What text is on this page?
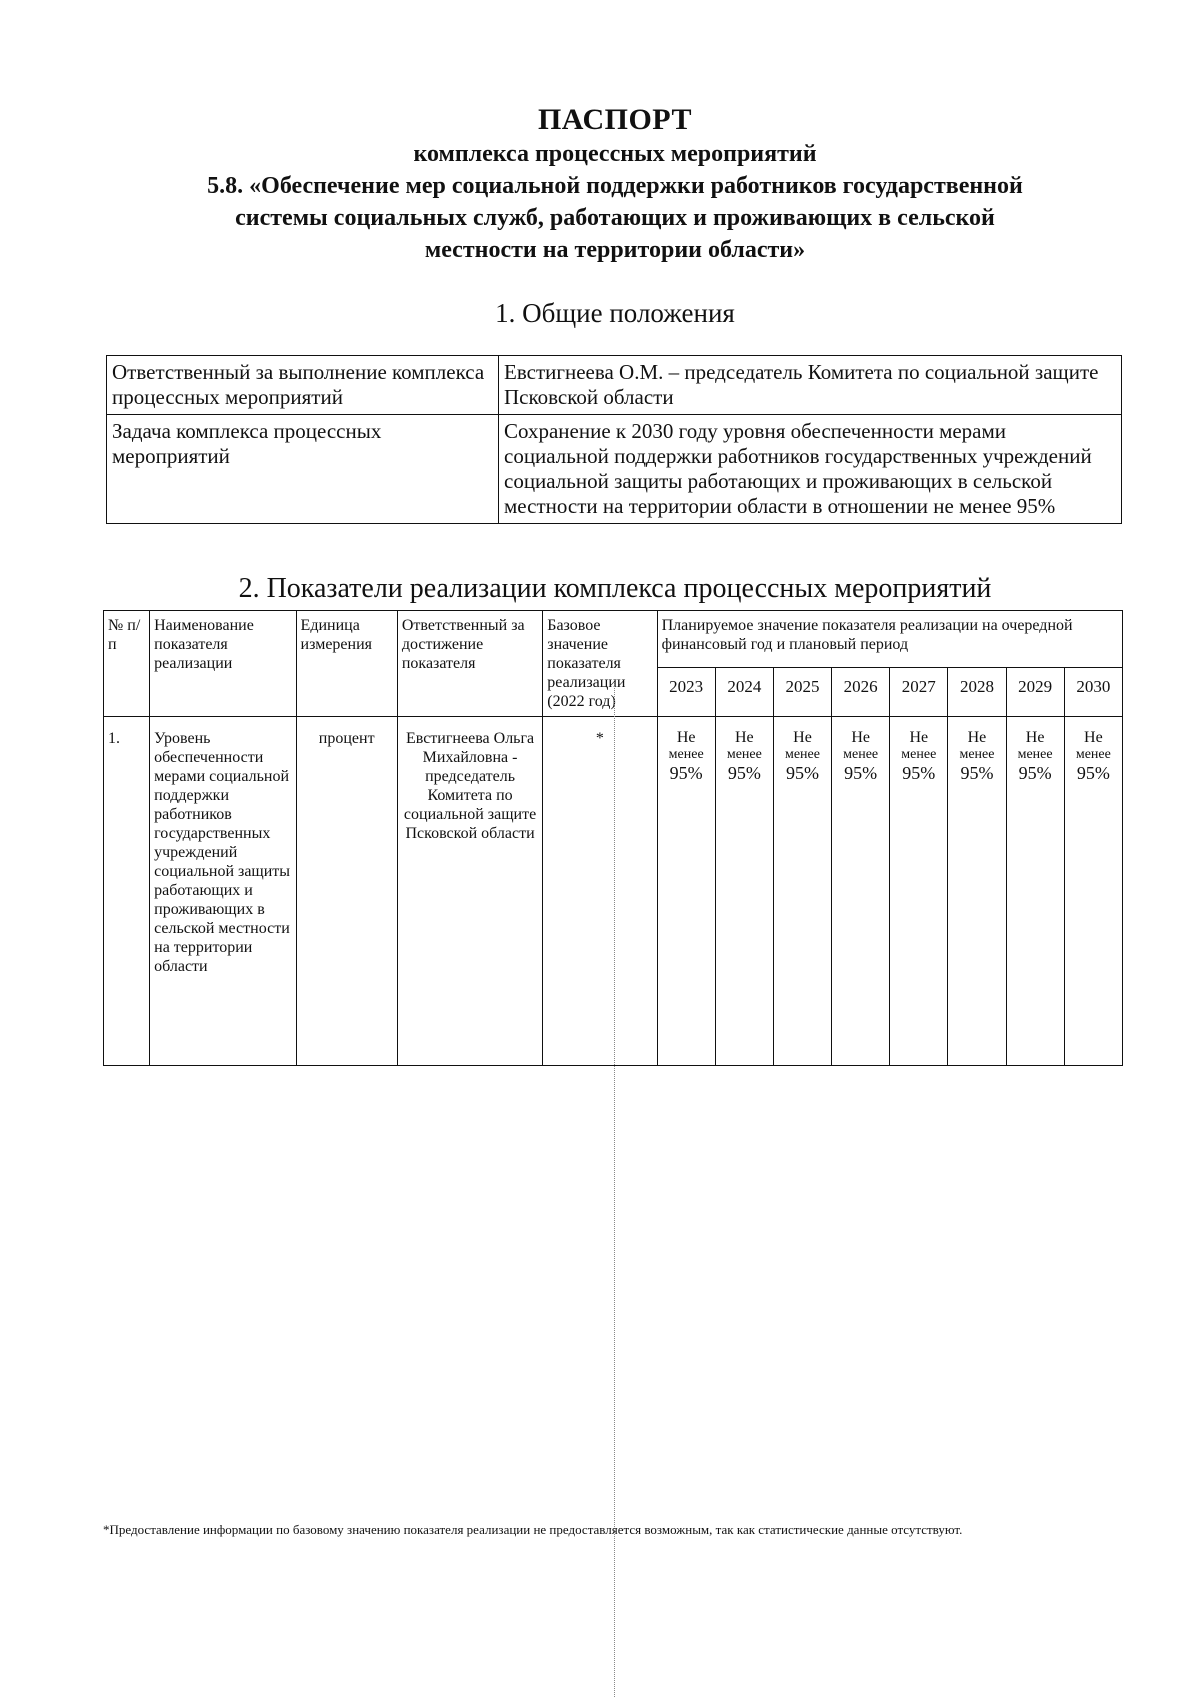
ПАСПОРТ
комплекса процессных мероприятий
5.8. «Обеспечение мер социальной поддержки работников государственной
системы социальных служб, работающих и проживающих в сельской
местности на территории области»
1. Общие положения
Ответственный за выполнение комплекса процессных мероприятий	Евстигнеева О.М. – председатель Комитета по социальной защите Псковской области
Задача комплекса процессных мероприятий	Сохранение к 2030 году уровня обеспеченности мерами социальной поддержки работников государственных учреждений социальной защиты работающих и проживающих в сельской местности на территории области в отношении не менее 95%
2. Показатели реализации комплекса процессных мероприятий
№ п/п	Наименование показателя реализации	Единица измерения	Ответственный за достижение показателя	Базовое значение показателя реализации (2022 год)	Планируемое значение показателя реализации на очередной финансовый год и плановый период							
					2023	2024	2025	2026	2027	2028	2029	2030
1.	Уровень обеспеченности мерами социальной поддержки работников государственных учреждений социальной защиты работающих и проживающих в сельской местности на территории области	процент	Евстигнеева Ольга Михайловна - председатель Комитета по социальной защите Псковской области	*	Не
менее
95%	Не
менее
95%	Не
менее
95%	Не
менее
95%	Не
менее
95%	Не
менее
95%	Не
менее
95%	Не
менее
95%
*Предоставление информации по базовому значению показателя реализации не предоставляется возможным, так как статистические данные отсутствуют.
